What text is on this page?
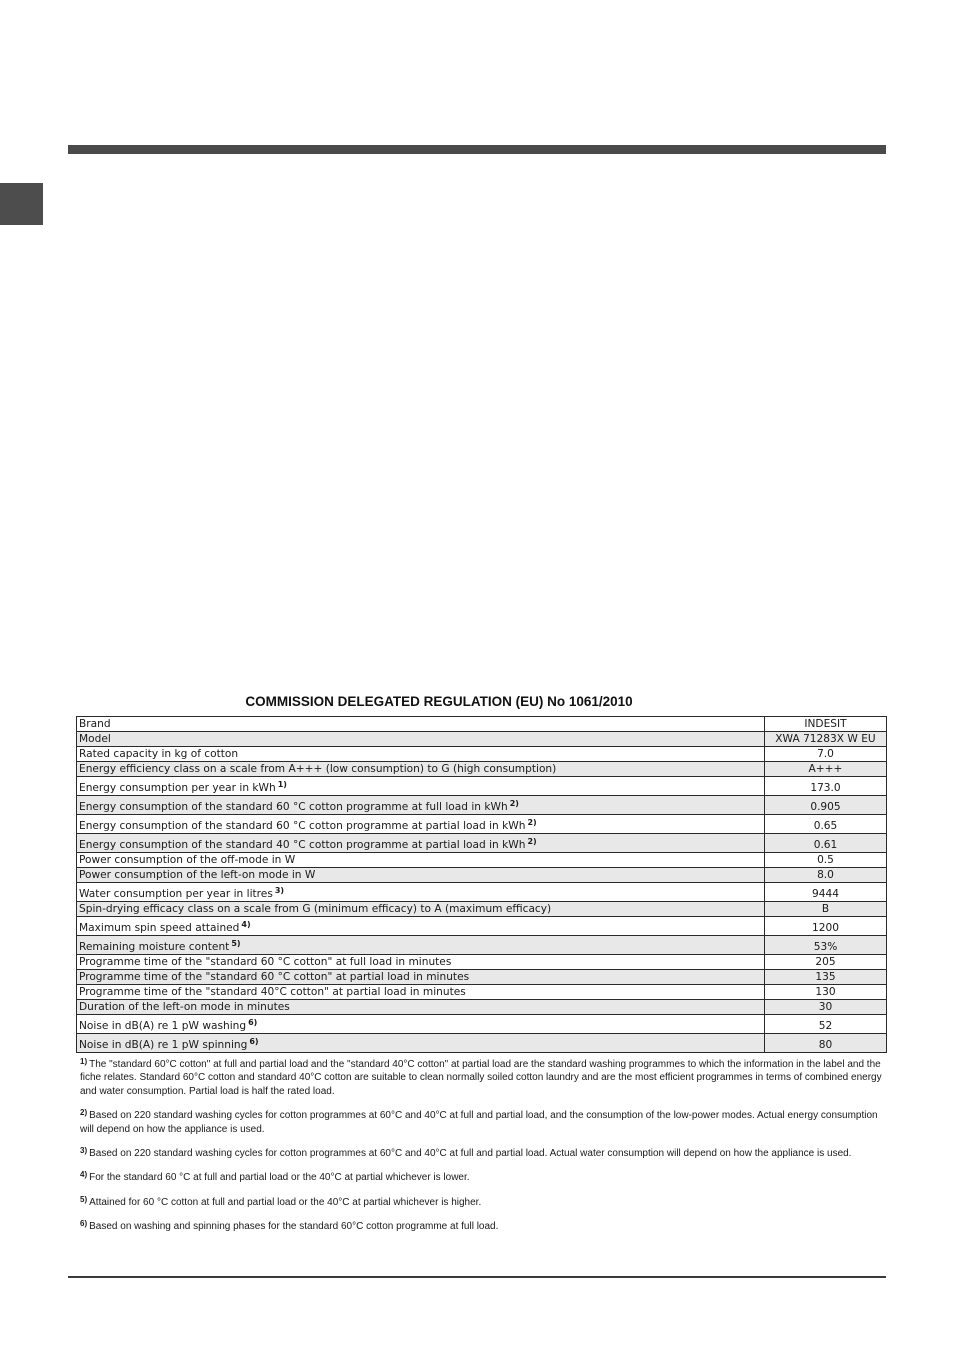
COMMISSION DELEGATED REGULATION (EU) No 1061/2010
Brand	INDESIT
Model	XWA 71283X W EU
Rated capacity in kg of cotton	7.0
Energy efficiency class on a scale from A+++ (low consumption) to G (high consumption)	A+++
Energy consumption per year in kWh $^{1)}$	173.0
Energy consumption of the standard 60 °C cotton programme at full load in kWh $^{2)}$	0.905
Energy consumption of the standard 60 °C cotton programme at partial load in kWh $^{2)}$	0.65
Energy consumption of the standard 40 °C cotton programme at partial load in kWh $^{2)}$	0.61
Power consumption of the off-mode in W	0.5
Power consumption of the left-on mode in W	8.0
Water consumption per year in litres $^{3)}$	9444
Spin-drying efficacy class on a scale from G (minimum efficacy) to A (maximum efficacy)	B
Maximum spin speed attained $^{4)}$	1200
Remaining moisture content $^{5)}$	53%
Programme time of the "standard 60 °C cotton" at full load in minutes	205
Programme time of the "standard 60 °C cotton" at partial load in minutes	135
Programme time of the "standard 40°C cotton" at partial load in minutes	130
Duration of the left-on mode in minutes	30
Noise in dB(A) re 1 pW washing $^{6)}$	52
Noise in dB(A) re 1 pW spinning $^{6)}$	80
$^{1)}$ The "standard 60°C cotton" at full and partial load and the "standard 40°C cotton" at partial load are the standard washing programmes to which the information in the label and the fiche relates. Standard 60°C cotton and standard 40°C cotton are suitable to clean normally soiled cotton laundry and are the most efficient programmes in terms of combined energy and water consumption. Partial load is half the rated load.
$^{2)}$ Based on 220 standard washing cycles for cotton programmes at 60°C and 40°C at full and partial load, and the consumption of the low-power modes. Actual energy consumption will depend on how the appliance is used.
$^{3)}$ Based on 220 standard washing cycles for cotton programmes at 60°C and 40°C at full and partial load. Actual water consumption will depend on how the appliance is used.
$^{4)}$ For the standard 60 °C at full and partial load or the 40°C at partial whichever is lower.
$^{5)}$ Attained for 60 °C cotton at full and partial load or the 40°C at partial whichever is higher.
$^{6)}$ Based on washing and spinning phases for the standard 60°C cotton programme at full load.
